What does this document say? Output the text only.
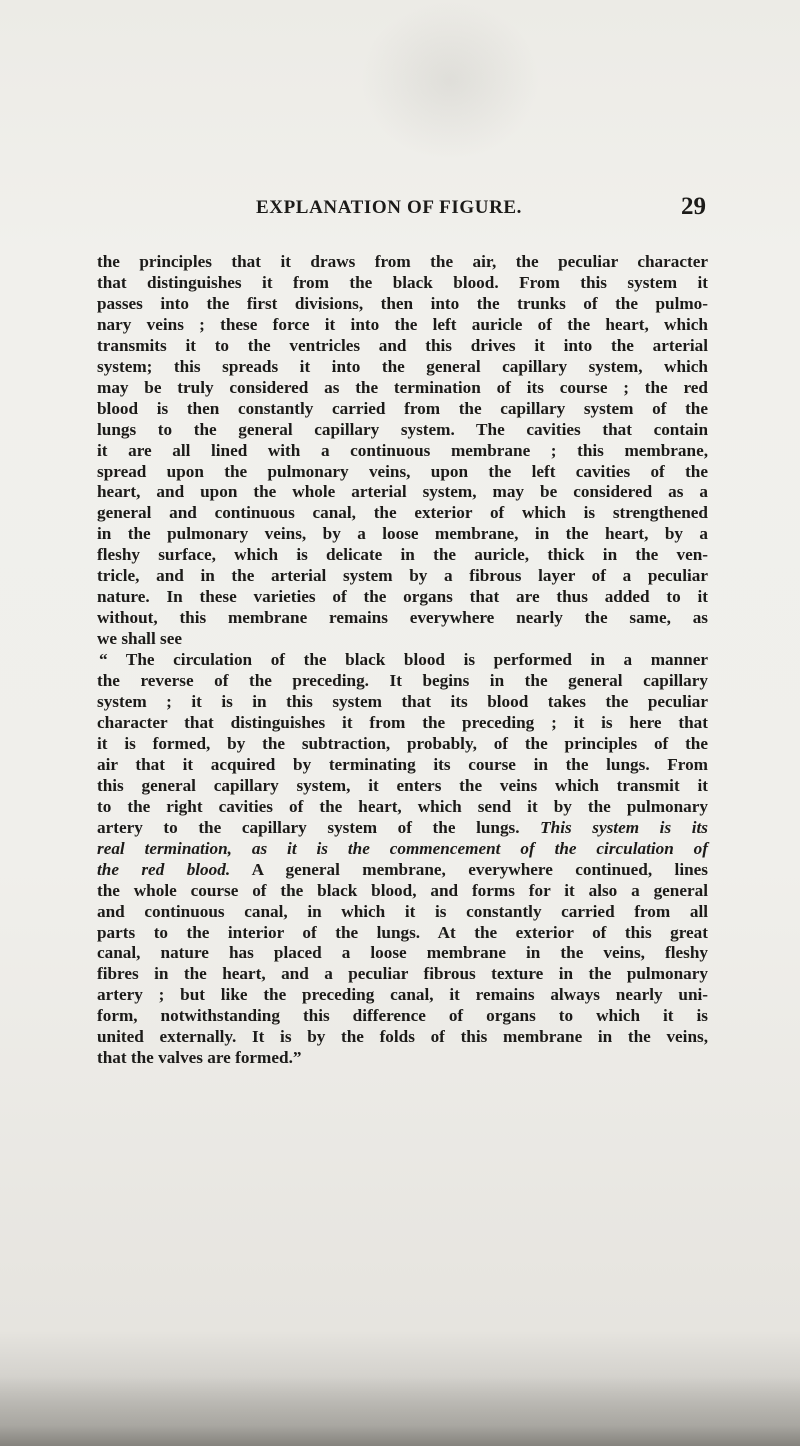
EXPLANATION OF FIGURE.	29
the principles that it draws from the air, the peculiar character
that distinguishes it from the black blood. From this system it
passes into the first divisions, then into the trunks of the pulmo-
nary veins ; these force it into the left auricle of the heart, which
transmits it to the ventricles and this drives it into the arterial
system; this spreads it into the general capillary system, which
may be truly considered as the termination of its course ; the red
blood is then constantly carried from the capillary system of the
lungs to the general capillary system. The cavities that contain
it are all lined with a continuous membrane ; this membrane,
spread upon the pulmonary veins, upon the left cavities of the
heart, and upon the whole arterial system, may be considered as a
general and continuous canal, the exterior of which is strengthened
in the pulmonary veins, by a loose membrane, in the heart, by a
fleshy surface, which is delicate in the auricle, thick in the ven-
tricle, and in the arterial system by a fibrous layer of a peculiar
nature. In these varieties of the organs that are thus added to it
without, this membrane remains everywhere nearly the same, as
we shall see
“ The circulation of the black blood is performed in a manner
the reverse of the preceding. It begins in the general capillary
system ; it is in this system that its blood takes the peculiar
character that distinguishes it from the preceding ; it is here that
it is formed, by the subtraction, probably, of the principles of the
air that it acquired by terminating its course in the lungs. From
this general capillary system, it enters the veins which transmit it
to the right cavities of the heart, which send it by the pulmonary
artery to the capillary system of the lungs. This system is its
real termination, as it is the commencement of the circulation of
the red blood. A general membrane, everywhere continued, lines
the whole course of the black blood, and forms for it also a general
and continuous canal, in which it is constantly carried from all
parts to the interior of the lungs. At the exterior of this great
canal, nature has placed a loose membrane in the veins, fleshy
fibres in the heart, and a peculiar fibrous texture in the pulmonary
artery ; but like the preceding canal, it remains always nearly uni-
form, notwithstanding this difference of organs to which it is
united externally. It is by the folds of this membrane in the veins,
that the valves are formed.”
